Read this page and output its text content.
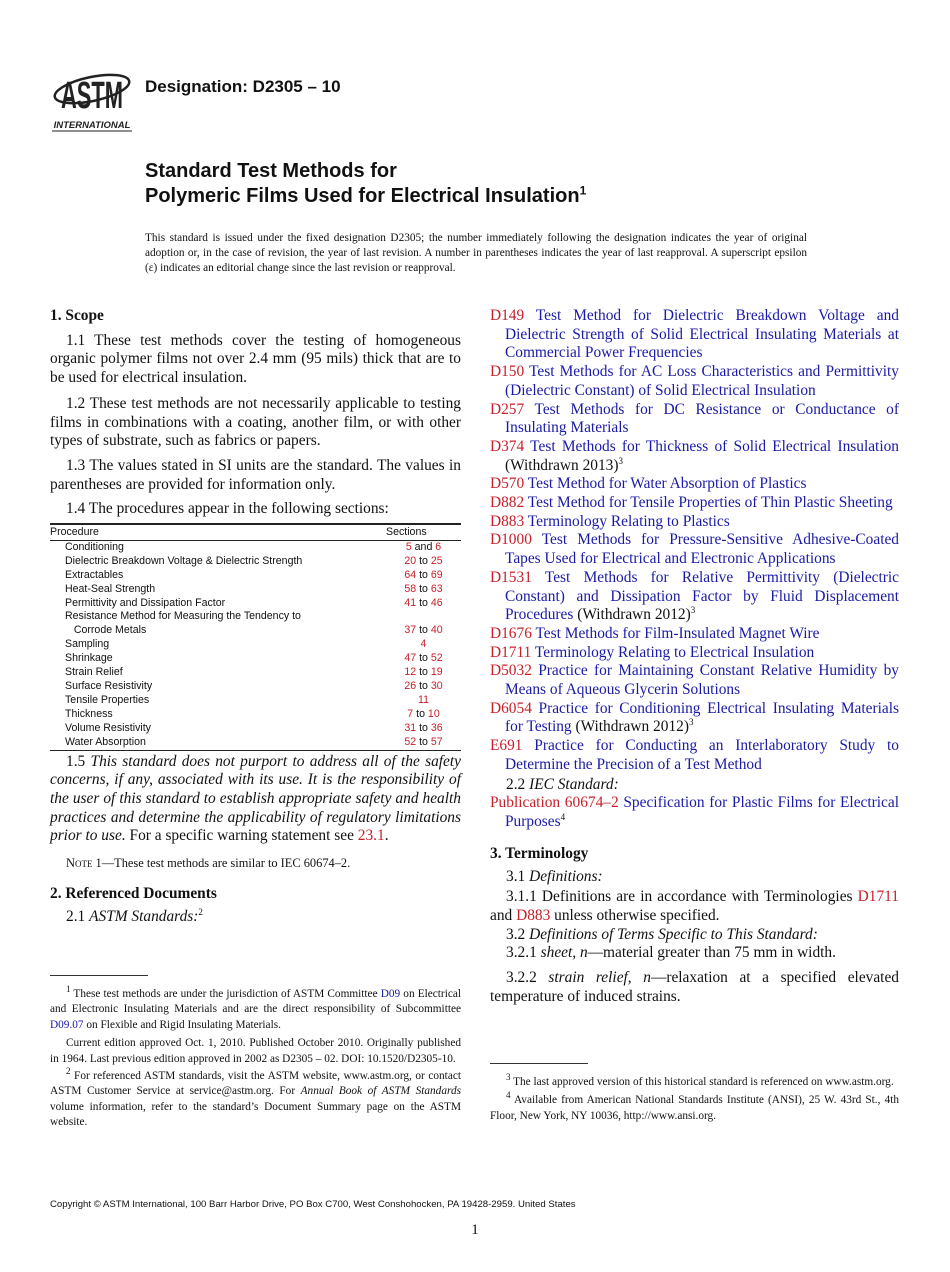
ASTM
INTERNATIONAL
Designation: D2305 – 10
Standard Test Methods for
Polymeric Films Used for Electrical Insulation$^1$
This standard is issued under the fixed designation D2305; the number immediately following the designation indicates the year of original adoption or, in the case of revision, the year of last revision. A number in parentheses indicates the year of last reapproval. A superscript epsilon (ε) indicates an editorial change since the last revision or reapproval.
1. Scope

1.1 These test methods cover the testing of homogeneous organic polymer films not over 2.4 mm (95 mils) thick that are to be used for electrical insulation.

1.2 These test methods are not necessarily applicable to testing films in combinations with a coating, another film, or with other types of substrate, such as fabrics or papers.

1.3 The values stated in SI units are the standard. The values in parentheses are provided for information only.

1.4 The procedures appear in the following sections:

Procedure	Sections
Conditioning	5 and 6
Dielectric Breakdown Voltage & Dielectric Strength	20 to 25
Extractables	64 to 69
Heat-Seal Strength	58 to 63
Permittivity and Dissipation Factor	41 to 46
Resistance Method for Measuring the Tendency to	
Corrode Metals	37 to 40
Sampling	4
Shrinkage	47 to 52
Strain Relief	12 to 19
Surface Resistivity	26 to 30
Tensile Properties	11
Thickness	7 to 10
Volume Resistivity	31 to 36
Water Absorption	52 to 57

1.5 This standard does not purport to address all of the safety concerns, if any, associated with its use. It is the responsibility of the user of this standard to establish appropriate safety and health practices and determine the applicability of regulatory limitations prior to use. For a specific warning statement see 23.1.

Note 1—These test methods are similar to IEC 60674–2.

2. Referenced Documents

2.1 ASTM Standards:$^2$

$^1$ These test methods are under the jurisdiction of ASTM Committee D09 on Electrical and Electronic Insulating Materials and are the direct responsibility of Subcommittee D09.07 on Flexible and Rigid Insulating Materials.

Current edition approved Oct. 1, 2010. Published October 2010. Originally published in 1964. Last previous edition approved in 2002 as D2305 – 02. DOI: 10.1520/D2305-10.

$^2$ For referenced ASTM standards, visit the ASTM website, www.astm.org, or contact ASTM Customer Service at service@astm.org. For Annual Book of ASTM Standards volume information, refer to the standard’s Document Summary page on the ASTM website.

D149 Test Method for Dielectric Breakdown Voltage and Dielectric Strength of Solid Electrical Insulating Materials at Commercial Power Frequencies
D150 Test Methods for AC Loss Characteristics and Permittivity (Dielectric Constant) of Solid Electrical Insulation
D257 Test Methods for DC Resistance or Conductance of Insulating Materials
D374 Test Methods for Thickness of Solid Electrical Insulation (Withdrawn 2013)$^3$
D570 Test Method for Water Absorption of Plastics
D882 Test Method for Tensile Properties of Thin Plastic Sheeting
D883 Terminology Relating to Plastics
D1000 Test Methods for Pressure-Sensitive Adhesive-Coated Tapes Used for Electrical and Electronic Applications
D1531 Test Methods for Relative Permittivity (Dielectric Constant) and Dissipation Factor by Fluid Displacement Procedures (Withdrawn 2012)$^3$
D1676 Test Methods for Film-Insulated Magnet Wire
D1711 Terminology Relating to Electrical Insulation
D5032 Practice for Maintaining Constant Relative Humidity by Means of Aqueous Glycerin Solutions
D6054 Practice for Conditioning Electrical Insulating Materials for Testing (Withdrawn 2012)$^3$
E691 Practice for Conducting an Interlaboratory Study to Determine the Precision of a Test Method

2.2 IEC Standard:

Publication 60674–2 Specification for Plastic Films for Electrical Purposes$^4$
3. Terminology

3.1 Definitions:

3.1.1 Definitions are in accordance with Terminologies D1711 and D883 unless otherwise specified.

3.2 Definitions of Terms Specific to This Standard:

3.2.1 sheet, n—material greater than 75 mm in width.

3.2.2 strain relief, n—relaxation at a specified elevated temperature of induced strains.

$^3$ The last approved version of this historical standard is referenced on www.astm.org.

$^4$ Available from American National Standards Institute (ANSI), 25 W. 43rd St., 4th Floor, New York, NY 10036, http://www.ansi.org.

Copyright © ASTM International, 100 Barr Harbor Drive, PO Box C700, West Conshohocken, PA 19428-2959. United States
1
